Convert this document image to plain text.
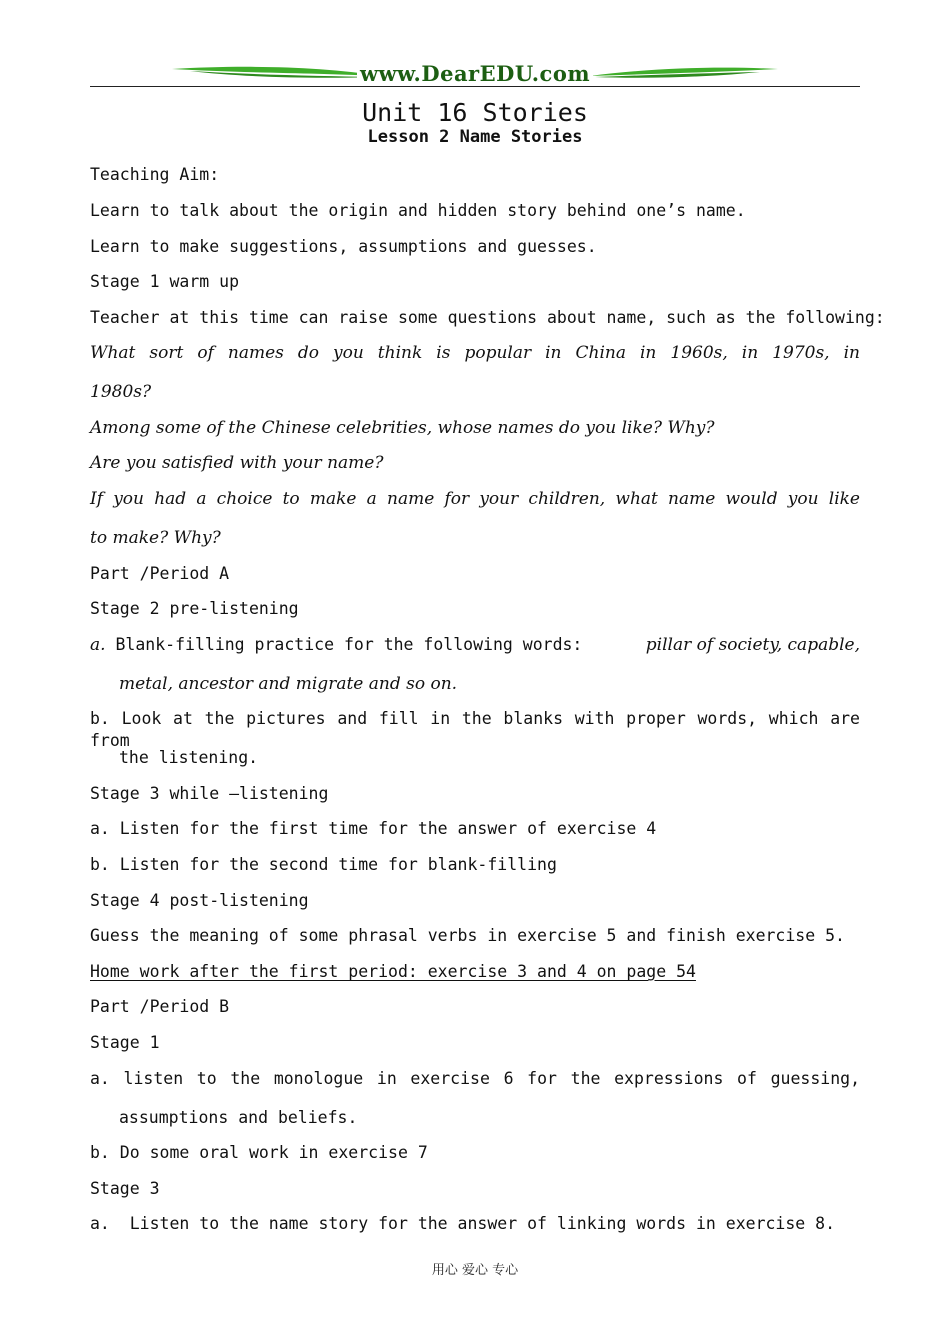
www.DearEDU.com
Unit 16 Stories
Lesson 2 Name Stories
Teaching Aim:
Learn to talk about the origin and hidden story behind one’s name.
Learn to make suggestions, assumptions and guesses.
Stage 1 warm up
Teacher at this time can raise some questions about name, such as the following:
What sort of names do you think is popular in China in 1960s, in 1970s, in
1980s?
Among some of the Chinese celebrities, whose names do you like? Why?
Are you satisfied with your name?
If you had a choice to make a name for your children, what name would you like
to make? Why?
Part /Period A
Stage 2 pre-listening
a. Blank-filling practice for the following words:	pillar of society, capable,
metal, ancestor and migrate and so on.
b. Look at the pictures and fill in the blanks with proper words, which are from
the listening.
Stage 3 while –listening
a. Listen for the first time for the answer of exercise 4
b. Listen for the second time for blank-filling
Stage 4 post-listening
Guess the meaning of some phrasal verbs in exercise 5 and finish exercise 5.
Home work after the first period: exercise 3 and 4 on page 54
Part /Period B
Stage 1
a. listen to the monologue in exercise 6 for the expressions of guessing,
assumptions and beliefs.
b. Do some oral work in exercise 7
Stage 3
a.  Listen to the name story for the answer of linking words in exercise 8.
用心 爱心 专心
